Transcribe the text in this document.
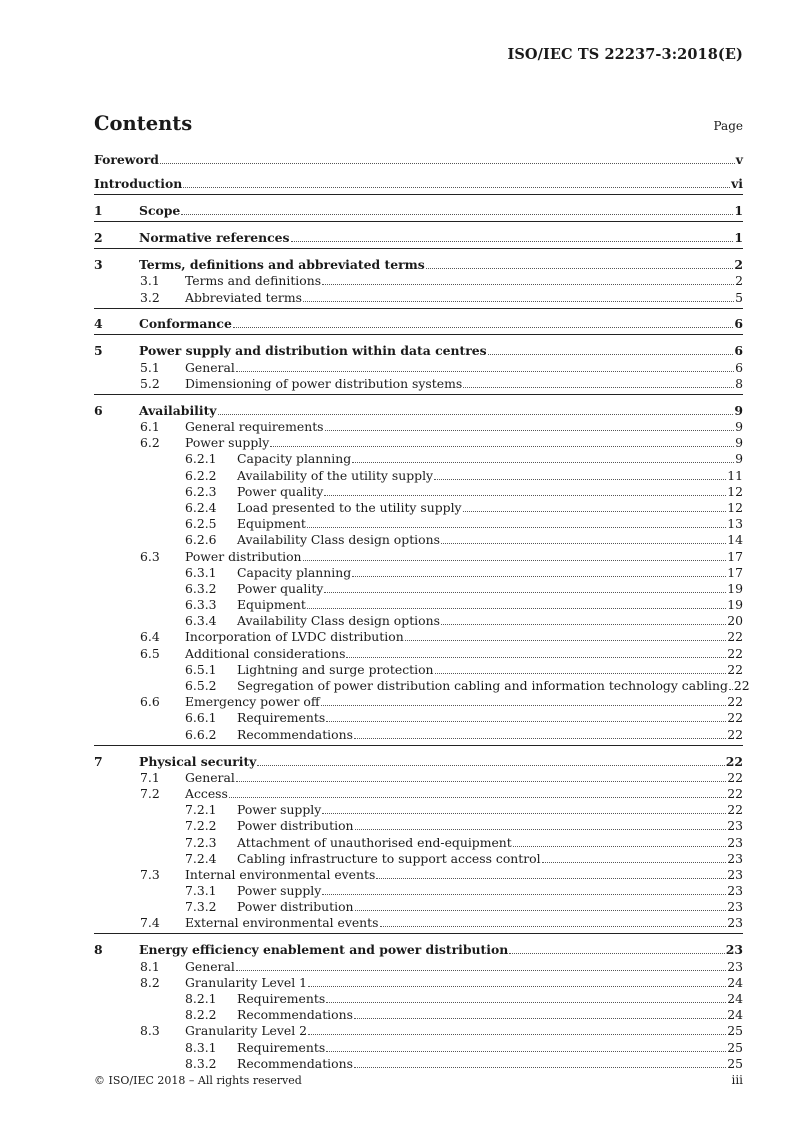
ISO/IEC TS 22237-3:2018(E)
Contents	Page
Foreword	v
Introduction	vi
1	Scope	1
2	Normative references	1
3	Terms, definitions and abbreviated terms	2
3.1 Terms and definitions	2
3.2 Abbreviated terms	5
4	Conformance	6
5	Power supply and distribution within data centres	6
5.1 General	6
5.2 Dimensioning of power distribution systems	8
6	Availability	9
6.1 General requirements	9
6.2 Power supply	9
6.2.1 Capacity planning	9
6.2.2 Availability of the utility supply	11
6.2.3 Power quality	12
6.2.4 Load presented to the utility supply	12
6.2.5 Equipment	13
6.2.6 Availability Class design options	14
6.3 Power distribution	17
6.3.1 Capacity planning	17
6.3.2 Power quality	19
6.3.3 Equipment	19
6.3.4 Availability Class design options	20
6.4 Incorporation of LVDC distribution	22
6.5 Additional considerations	22
6.5.1 Lightning and surge protection	22
6.5.2 Segregation of power distribution cabling and information technology cabling 22
6.6 Emergency power off	22
6.6.1 Requirements	22
6.6.2 Recommendations	22
7	Physical security	22
7.1 General	22
7.2 Access	22
7.2.1 Power supply	22
7.2.2 Power distribution	23
7.2.3 Attachment of unauthorised end-equipment	23
7.2.4 Cabling infrastructure to support access control	23
7.3 Internal environmental events	23
7.3.1 Power supply	23
7.3.2 Power distribution	23
7.4 External environmental events	23
8	Energy efficiency enablement and power distribution	23
8.1 General	23
8.2 Granularity Level 1	24
8.2.1 Requirements	24
8.2.2 Recommendations	24
8.3 Granularity Level 2	25
8.3.1 Requirements	25
8.3.2 Recommendations	25
© ISO/IEC 2018 – All rights reserved	iii
